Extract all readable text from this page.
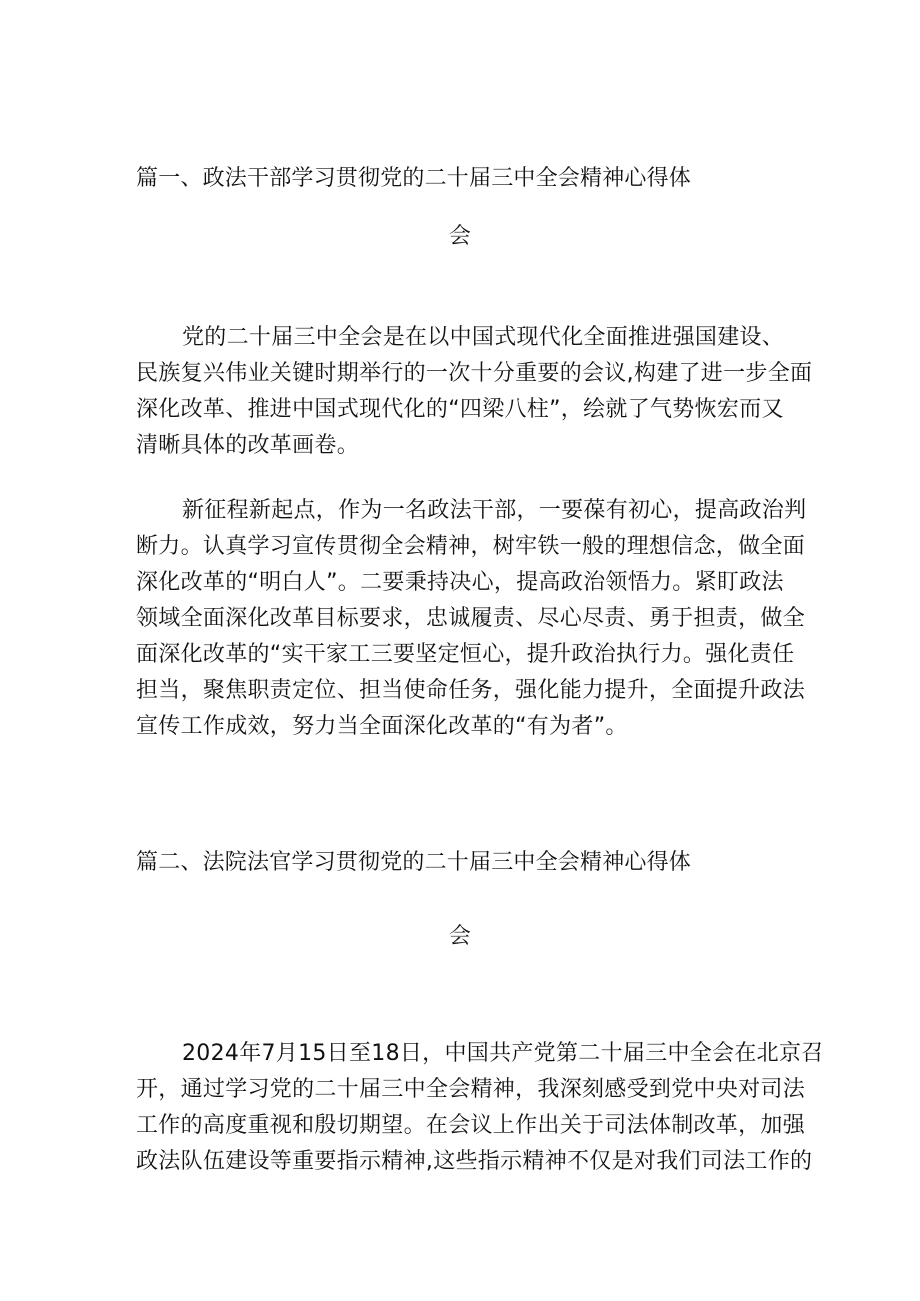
篇一、政法干部学习贯彻党的二十届三中全会精神心得体
会
党的二十届三中全会是在以中国式现代化全面推进强国建设、
民族复兴伟业关键时期举行的一次十分重要的会议,构建了进一步全面
深化改革、推进中国式现代化的“四梁八柱”，绘就了气势恢宏而又
清晰具体的改革画卷。
新征程新起点，作为一名政法干部，一要葆有初心，提高政治判
断力。认真学习宣传贯彻全会精神，树牢铁一般的理想信念，做全面
深化改革的“明白人”。二要秉持决心，提高政治领悟力。紧盯政法
领域全面深化改革目标要求，忠诚履责、尽心尽责、勇于担责，做全
面深化改革的“实干家工三要坚定恒心，提升政治执行力。强化责任
担当，聚焦职责定位、担当使命任务，强化能力提升，全面提升政法
宣传工作成效，努力当全面深化改革的“有为者”。
篇二、法院法官学习贯彻党的二十届三中全会精神心得体
会
2024年7月15日至18日，中国共产党第二十届三中全会在北京召
开，通过学习党的二十届三中全会精神，我深刻感受到党中央对司法
工作的高度重视和殷切期望。在会议上作出关于司法体制改革，加强
政法队伍建设等重要指示精神,这些指示精神不仅是对我们司法工作的
